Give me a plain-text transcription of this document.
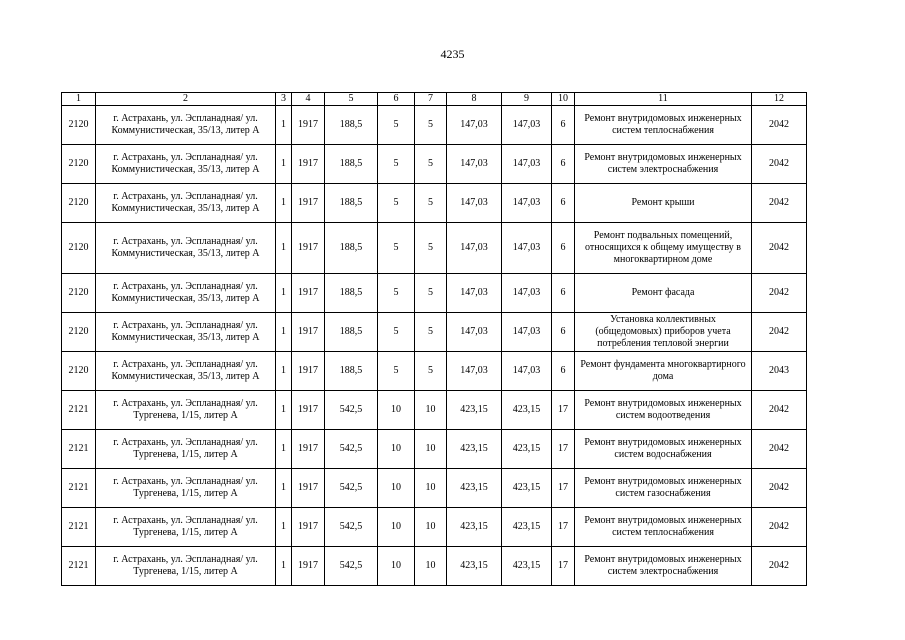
4235
1	2	3	4	5	6	7	8	9	10	11	12
2120	г. Астрахань, ул. Эспланадная/ ул. Коммунистическая, 35/13, литер А	1	1917	188,5	5	5	147,03	147,03	6	Ремонт внутридомовых инженерных систем теплоснабжения	2042
2120	г. Астрахань, ул. Эспланадная/ ул. Коммунистическая, 35/13, литер А	1	1917	188,5	5	5	147,03	147,03	6	Ремонт внутридомовых инженерных систем электроснабжения	2042
2120	г. Астрахань, ул. Эспланадная/ ул. Коммунистическая, 35/13, литер А	1	1917	188,5	5	5	147,03	147,03	6	Ремонт крыши	2042
2120	г. Астрахань, ул. Эспланадная/ ул. Коммунистическая, 35/13, литер А	1	1917	188,5	5	5	147,03	147,03	6	Ремонт подвальных помещений, относящихся к общему имуществу в многоквартирном доме	2042
2120	г. Астрахань, ул. Эспланадная/ ул. Коммунистическая, 35/13, литер А	1	1917	188,5	5	5	147,03	147,03	6	Ремонт фасада	2042
2120	г. Астрахань, ул. Эспланадная/ ул. Коммунистическая, 35/13, литер А	1	1917	188,5	5	5	147,03	147,03	6	Установка коллективных (общедомовых) приборов учета потребления тепловой энергии	2042
2120	г. Астрахань, ул. Эспланадная/ ул. Коммунистическая, 35/13, литер А	1	1917	188,5	5	5	147,03	147,03	6	Ремонт фундамента многоквартирного дома	2043
2121	г. Астрахань, ул. Эспланадная/ ул. Тургенева, 1/15, литер А	1	1917	542,5	10	10	423,15	423,15	17	Ремонт внутридомовых инженерных систем водоотведения	2042
2121	г. Астрахань, ул. Эспланадная/ ул. Тургенева, 1/15, литер А	1	1917	542,5	10	10	423,15	423,15	17	Ремонт внутридомовых инженерных систем водоснабжения	2042
2121	г. Астрахань, ул. Эспланадная/ ул. Тургенева, 1/15, литер А	1	1917	542,5	10	10	423,15	423,15	17	Ремонт внутридомовых инженерных систем газоснабжения	2042
2121	г. Астрахань, ул. Эспланадная/ ул. Тургенева, 1/15, литер А	1	1917	542,5	10	10	423,15	423,15	17	Ремонт внутридомовых инженерных систем теплоснабжения	2042
2121	г. Астрахань, ул. Эспланадная/ ул. Тургенева, 1/15, литер А	1	1917	542,5	10	10	423,15	423,15	17	Ремонт внутридомовых инженерных систем электроснабжения	2042
